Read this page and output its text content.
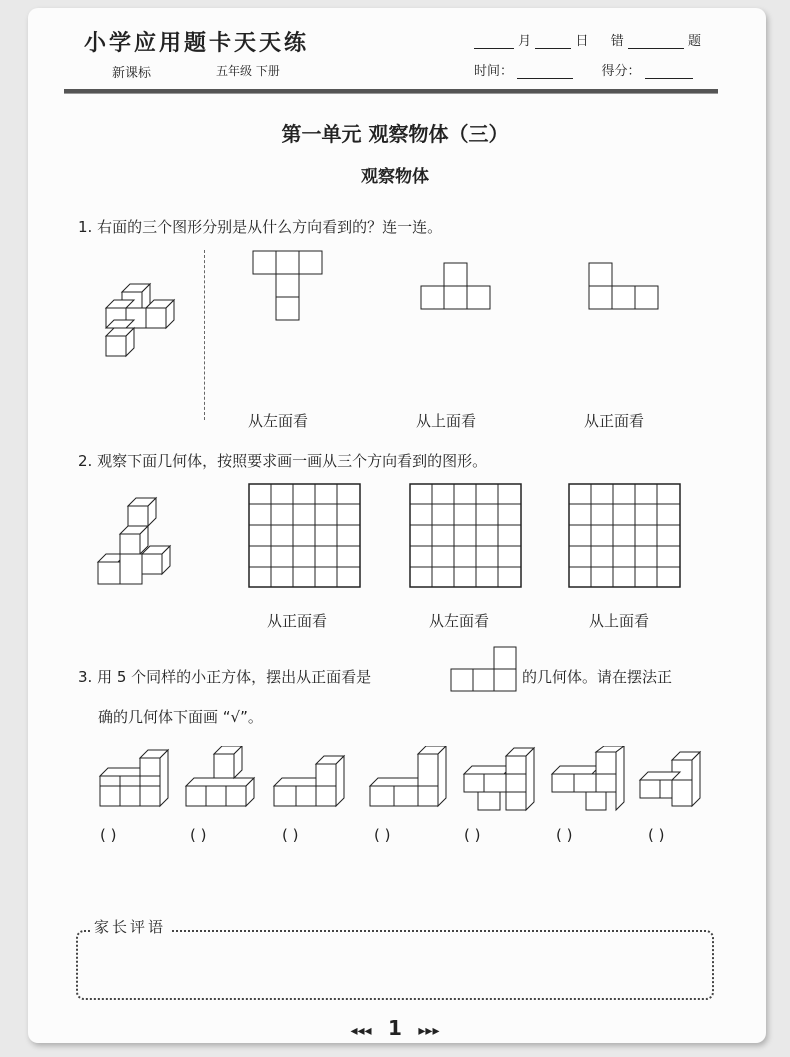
小学应用题卡天天练
新课标	五年级 下册
月	日 错	题
时间：	得分：
第一单元 观察物体（三）
观察物体
1. 右面的三个图形分别是从什么方向看到的？连一连。
从左面看	从上面看	从正面看
2. 观察下面几何体，按照要求画一画从三个方向看到的图形。
从正面看	从左面看	从上面看
3. 用 5 个同样的小正方体，摆出从正面看是	的几何体。请在摆法正
确的几何体下面画 “√”。
( )	( )	( )	( )	( )	( )	( )
家长评语
◂◂◂ 1 ▸▸▸
